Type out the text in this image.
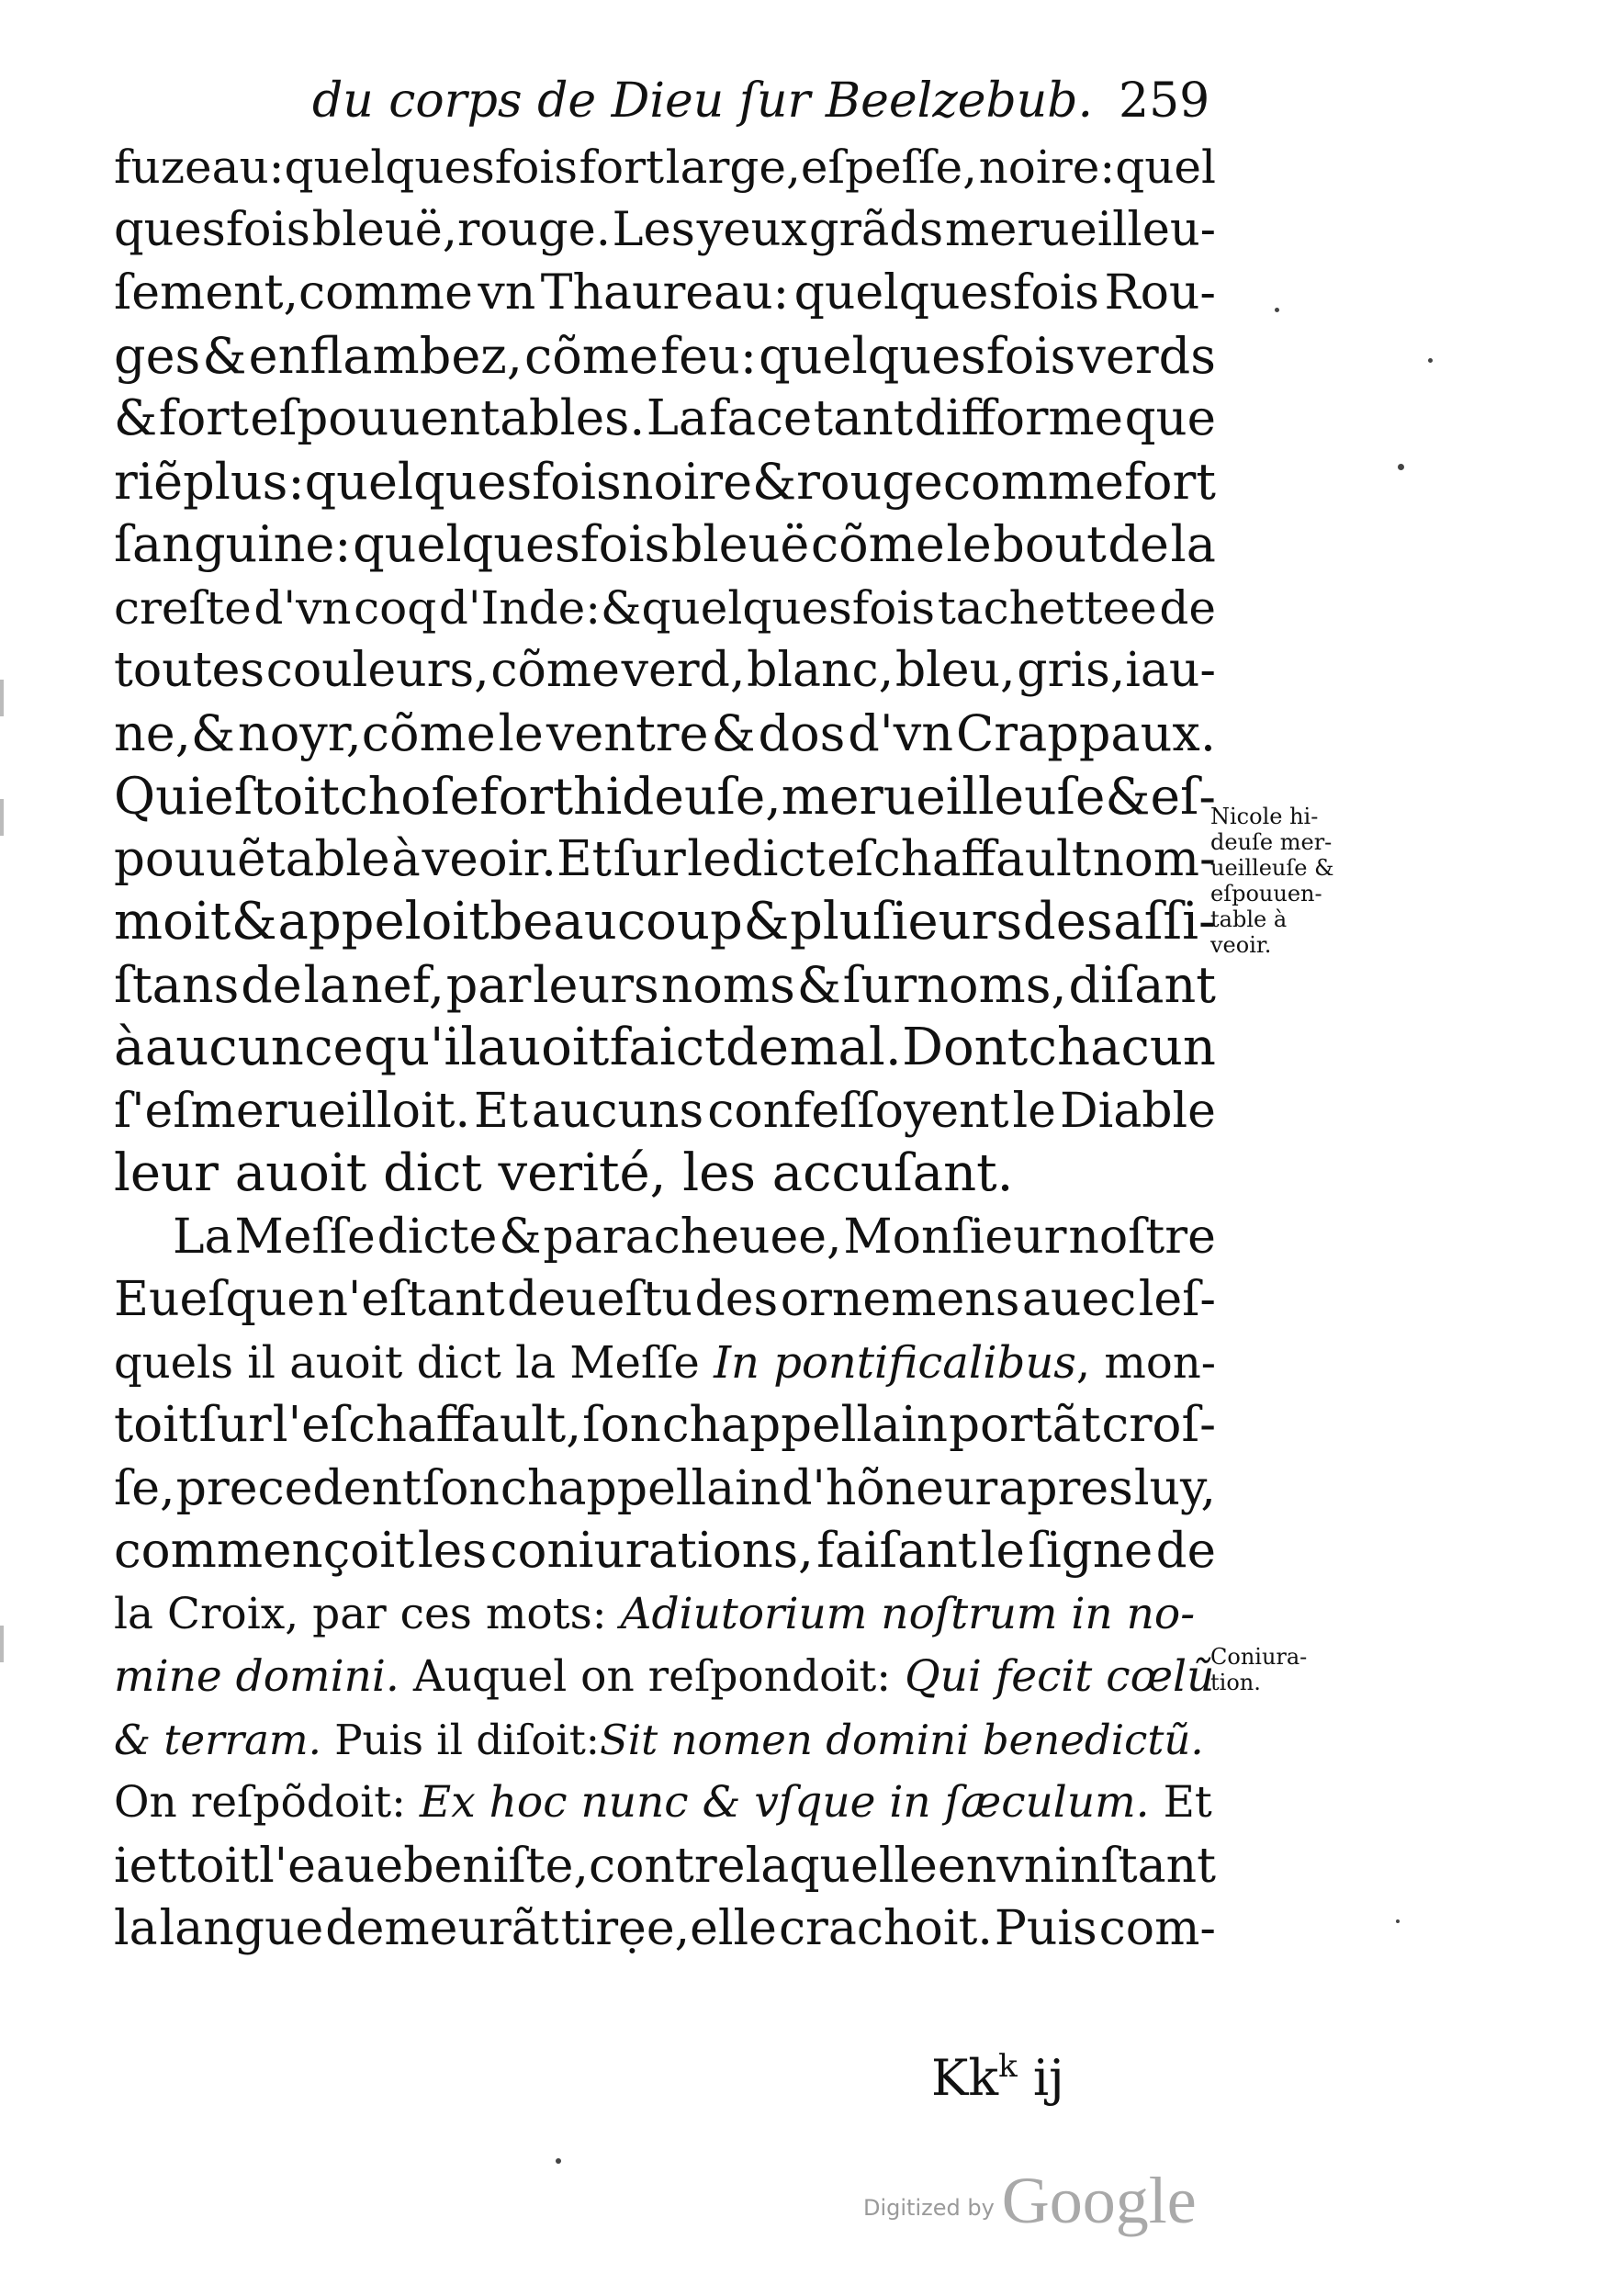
du corps de Dieu ſur Beelzebub. 259
fuzeau:quelquesfois fort large,eſpeſſe, noire:quel
quesfois bleuë,rouge. Les yeux grãds merueilleu-
ſement,comme vn Thaureau: quelquesfois Rou-
ges & enflambez, cõme feu: quelquesfois verds
& fort eſpouuentables. La face tant difforme que
riẽ plus: quelquesfois noire & rouge comme fort
ſanguine: quelquesfois bleuë cõme le bout de la
creſte d'vn coq d'Inde:&quelquesfois tachettee de
toutes couleurs, cõme verd, blanc, bleu, gris,iau-
ne,& noyr,cõme le ventre & dos d'vn Crappaux.
Qui eſtoit choſe fort hideuſe, merueilleuſe & eſ-
pouuẽtable à veoir.Et ſur ledict eſchaffault nom-
moit & appeloit beaucoup & pluſieurs des aſſi-
ſtans de la nef, par leurs noms & ſurnoms, diſant
à aucun ce qu'il auoit faict de mal. Dont chacun
ſ'eſmerueilloit. Et aucuns confeſſoyent le Diable
leur auoit dict verité, les accuſant.
La Meſſe dicte & paracheuee, Monſieur noſtre
Eueſque n'eſtant deueſtu des ornemens auec leſ-
quels il auoit dict la Meſſe
In pontificalibus , mon-
toit ſur l'eſchaffault, ſon chappellain portãt croſ-
ſe, precedent ſon chappellain d'hõneur apres luy,
commençoit les coniurations, faiſant le ſigne de
la Croix, par ces mots:
Adiutorium noſtrum in no-
mine domini.
Auquel on reſpondoit:
Qui fecit cœlũ
& terram.
Puis il diſoit: Sit nomen domini benedictũ.
On reſpõdoit:
Ex hoc nunc & vſque in ſæculum.
Et
iettoit l'eaue beniſte, contre laquelle en vn inſtant
la langue demeurãt tirẹe,elle crachoit. Puis com-
Nicole hi-
deuſe mer-
ueilleuſe &
eſpouuen-
table à
veoir.
Coniura-
tion.
Kk$^k$ ij
Digitized by Google
